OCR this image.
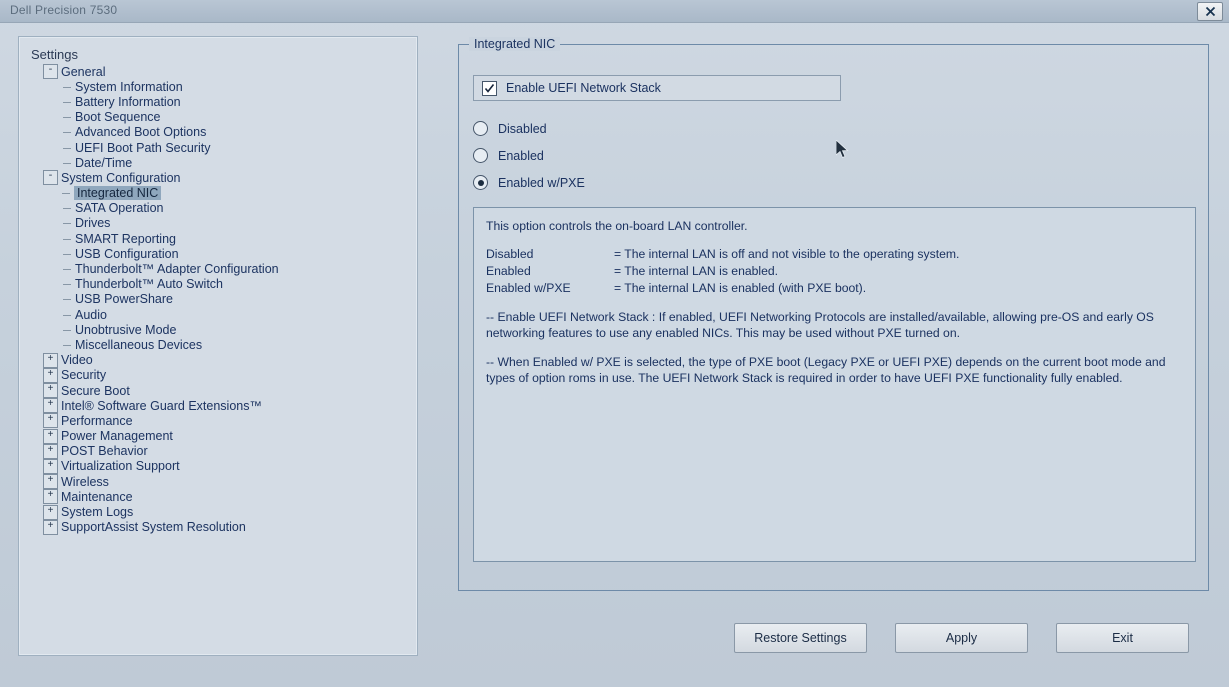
Dell Precision 7530
Settings
- General
System Information
Battery Information
Boot Sequence
Advanced Boot Options
UEFI Boot Path Security
Date/Time
- System Configuration
Integrated NIC
SATA Operation
Drives
SMART Reporting
USB Configuration
Thunderbolt™ Adapter Configuration
Thunderbolt™ Auto Switch
USB PowerShare
Audio
Unobtrusive Mode
Miscellaneous Devices
+ Video
+ Security
+ Secure Boot
+ Intel® Software Guard Extensions™
+ Performance
+ Power Management
+ POST Behavior
+ Virtualization Support
+ Wireless
+ Maintenance
+ System Logs
+ SupportAssist System Resolution
Integrated NIC
Enable UEFI Network Stack
Disabled
Enabled
Enabled w/PXE

This option controls the on-board LAN controller.

Disabled	= The internal LAN is off and not visible to the operating system.
Enabled	= The internal LAN is enabled.
Enabled w/PXE	= The internal LAN is enabled (with PXE boot).

-- Enable UEFI Network Stack : If enabled, UEFI Networking Protocols are installed/available, allowing pre-OS and early OS networking features to use any enabled NICs. This may be used without PXE turned on.

-- When Enabled w/ PXE is selected, the type of PXE boot (Legacy PXE or UEFI PXE) depends on the current boot mode and types of option roms in use. The UEFI Network Stack is required in order to have UEFI PXE functionality fully enabled.

Restore Settings	Apply	Exit
